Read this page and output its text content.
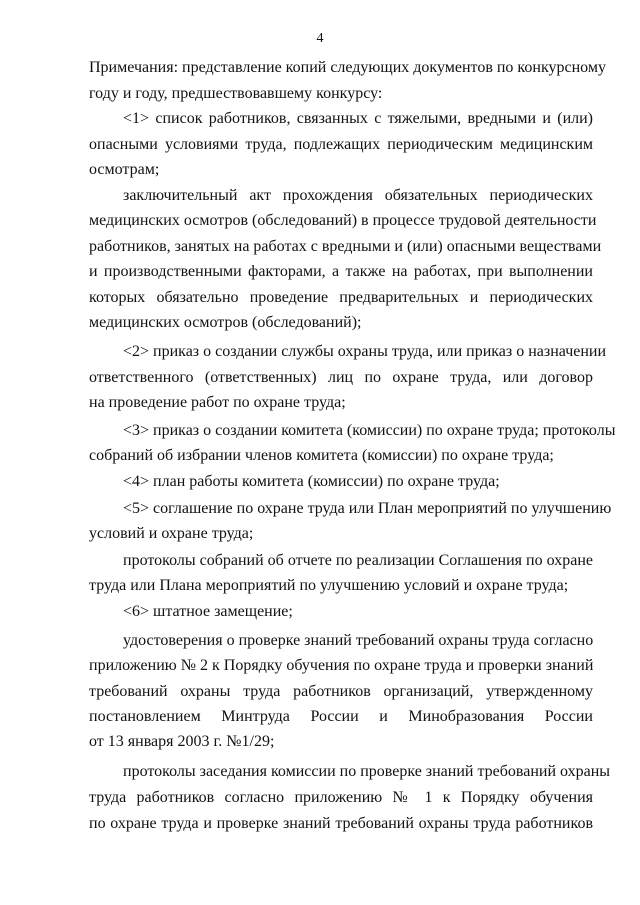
4
Примечания: представление копий следующих документов по конкурсному
году и году, предшествовавшему конкурсу:
<1> список работников, связанных с тяжелыми, вредными и (или)
опасными условиями труда, подлежащих периодическим медицинским
осмотрам;
заключительный акт прохождения обязательных периодических
медицинских осмотров (обследований) в процессе трудовой деятельности
работников, занятых на работах с вредными и (или) опасными веществами
и производственными факторами, а также на работах, при выполнении
которых обязательно проведение предварительных и периодических
медицинских осмотров (обследований);
<2> приказ о создании службы охраны труда, или приказ о назначении
ответственного (ответственных) лиц по охране труда, или договор
на проведение работ по охране труда;
<3> приказ о создании комитета (комиссии) по охране труда; протоколы
собраний об избрании членов комитета (комиссии) по охране труда;
<4> план работы комитета (комиссии) по охране труда;
<5> соглашение по охране труда или План мероприятий по улучшению
условий и охране труда;
протоколы собраний об отчете по реализации Соглашения по охране
труда или Плана мероприятий по улучшению условий и охране труда;
<6> штатное замещение;
удостоверения о проверке знаний требований охраны труда согласно
приложению № 2 к Порядку обучения по охране труда и проверки знаний
требований охраны труда работников организаций, утвержденному
постановлением Минтруда России и Минобразования России
от 13 января 2003 г. №1/29;
протоколы заседания комиссии по проверке знаний требований охраны
труда работников согласно приложению № 1 к Порядку обучения
по охране труда и проверке знаний требований охраны труда работников
